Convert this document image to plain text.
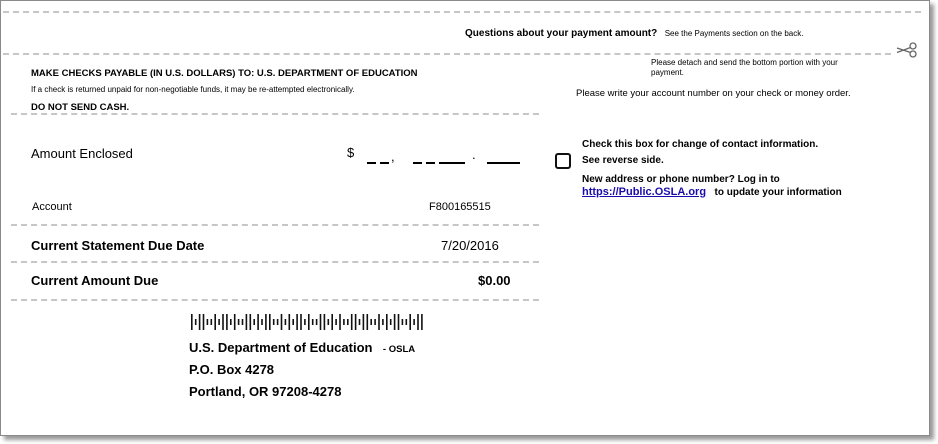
Questions about your payment amount? See the Payments section on the back.
MAKE CHECKS PAYABLE (IN U.S. DOLLARS) TO: U.S. DEPARTMENT OF EDUCATION
If a check is returned unpaid for non-negotiable funds, it may be re-attempted electronically.
DO NOT SEND CASH.
Please detach and send the bottom portion with your
payment.
Please write your account number on your check or money order.
Amount Enclosed	$	,	.
Account	F800165515
Current Statement Due Date	7/20/2016
Current Amount Due	$0.00
Check this box for change of contact information.
See reverse side.
New address or phone number? Log in to
https://Public.OSLA.org to update your information
U.S. Department of Education - OSLA
P.O. Box 4278
Portland, OR 97208-4278
